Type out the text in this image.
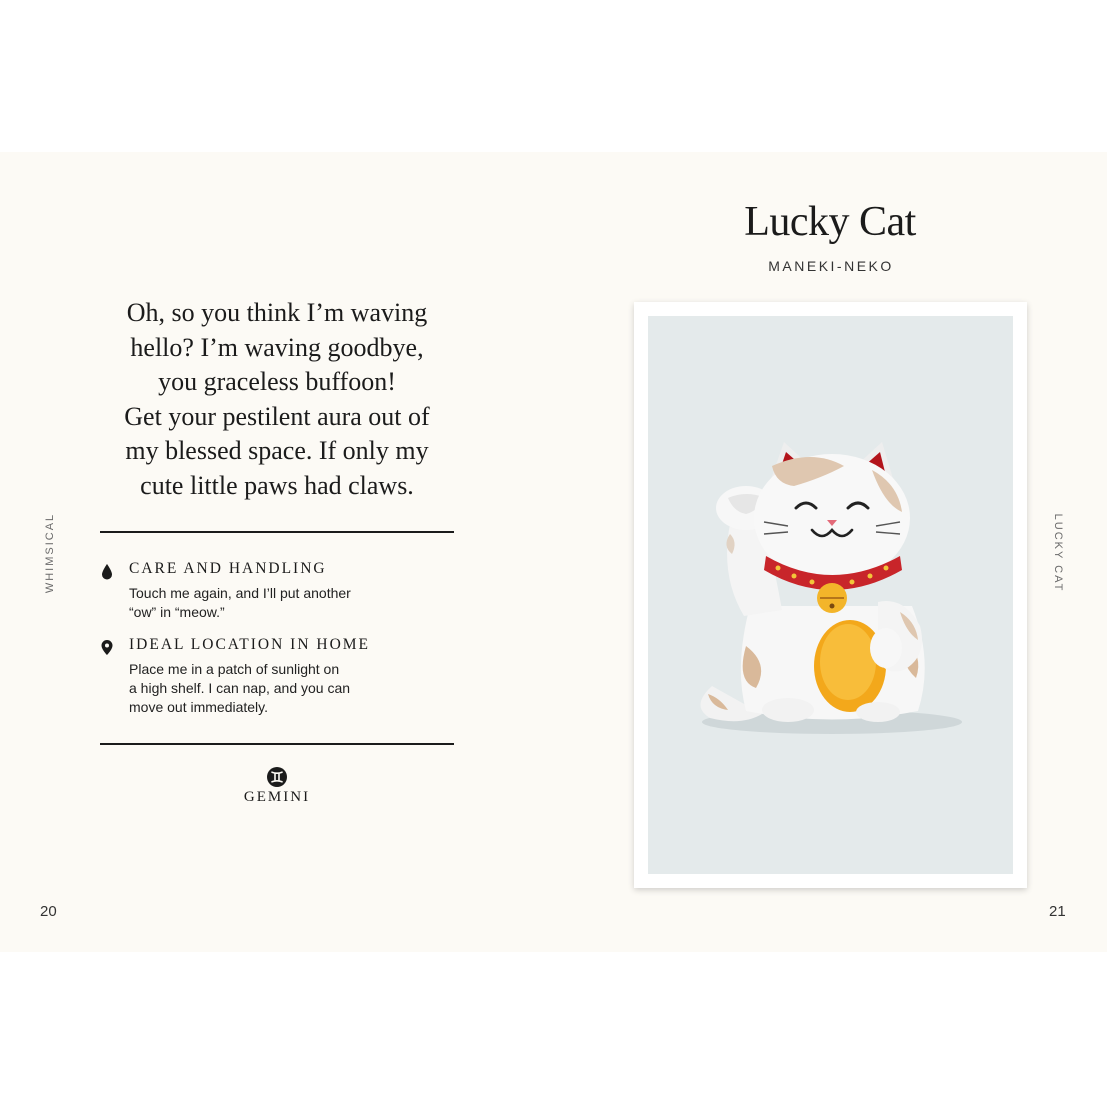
WHIMSICAL
Oh, so you think I’m waving
hello? I’m waving goodbye,
you graceless buffoon!
Get your pestilent aura out of
my blessed space. If only my
cute little paws had claws.
CARE AND HANDLING
Touch me again, and I’ll put another
“ow” in “meow.”
IDEAL LOCATION IN HOME
Place me in a patch of sunlight on
a high shelf. I can nap, and you can
move out immediately.
GEMINI
20
Lucky Cat
MANEKI-NEKO
LUCKY CAT
21
